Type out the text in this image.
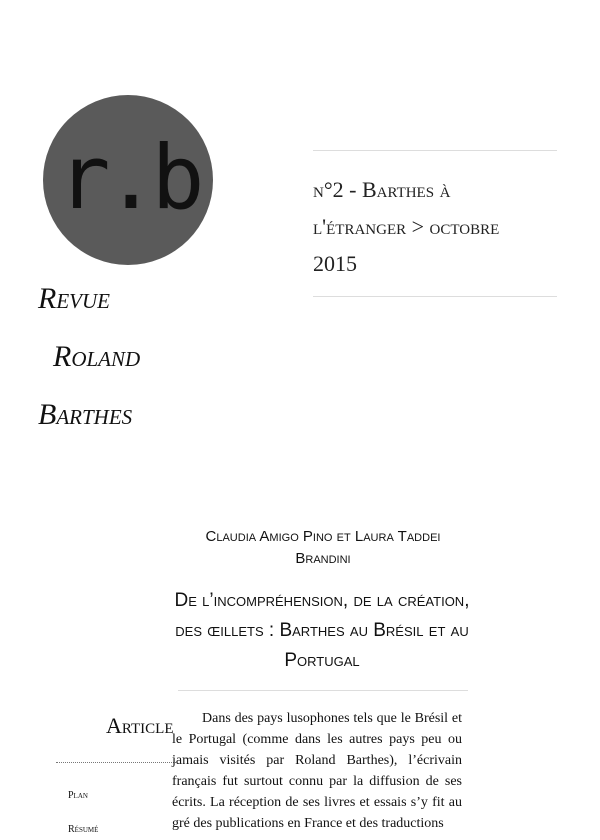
r.b
Revue
Roland
Barthes
n°2 - Barthes à
l'étranger > octobre
2015
Claudia Amigo Pino et Laura Taddei Brandini
De l’incompréhension, de la création, des œillets : Barthes au Brésil et au Portugal
Article
Plan
Résumé
Dans des pays lusophones tels que le Brésil et le Portugal (comme dans les autres pays peu ou jamais visités par Roland Barthes), l’écrivain français fut surtout connu par la diffusion de ses écrits. La réception de ses livres et essais s’y fit au gré des publications en France et des traductions
